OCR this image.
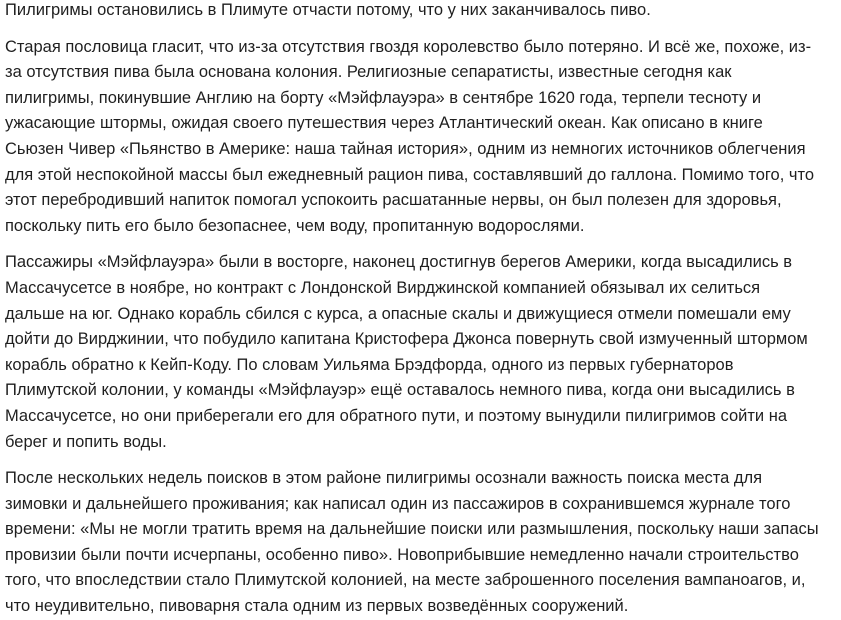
Пилигримы остановились в Плимуте отчасти потому, что у них заканчивалось пиво.

Старая пословица гласит, что из-за отсутствия гвоздя королевство было потеряно. И всё же, похоже, из-
за отсутствия пива была основана колония. Религиозные сепаратисты, известные сегодня как
пилигримы, покинувшие Англию на борту «Мэйфлауэра» в сентябре 1620 года, терпели тесноту и
ужасающие штормы, ожидая своего путешествия через Атлантический океан. Как описано в книге
Сьюзен Чивер «Пьянство в Америке: наша тайная история», одним из немногих источников облегчения
для этой неспокойной массы был ежедневный рацион пива, составлявший до галлона. Помимо того, что
этот перебродивший напиток помогал успокоить расшатанные нервы, он был полезен для здоровья,
поскольку пить его было безопаснее, чем воду, пропитанную водорослями.

Пассажиры «Мэйфлауэра» были в восторге, наконец достигнув берегов Америки, когда высадились в
Массачусетсе в ноябре, но контракт с Лондонской Вирджинской компанией обязывал их селиться
дальше на юг. Однако корабль сбился с курса, а опасные скалы и движущиеся отмели помешали ему
дойти до Вирджинии, что побудило капитана Кристофера Джонса повернуть свой измученный штормом
корабль обратно к Кейп-Коду. По словам Уильяма Брэдфорда, одного из первых губернаторов
Плимутской колонии, у команды «Мэйфлауэр» ещё оставалось немного пива, когда они высадились в
Массачусетсе, но они приберегали его для обратного пути, и поэтому вынудили пилигримов сойти на
берег и попить воды.

После нескольких недель поисков в этом районе пилигримы осознали важность поиска места для
зимовки и дальнейшего проживания; как написал один из пассажиров в сохранившемся журнале того
времени: «Мы не могли тратить время на дальнейшие поиски или размышления, поскольку наши запасы
провизии были почти исчерпаны, особенно пиво». Новоприбывшие немедленно начали строительство
того, что впоследствии стало Плимутской колонией, на месте заброшенного поселения вампаноагов, и,
что неудивительно, пивоварня стала одним из первых возведённых сооружений.
